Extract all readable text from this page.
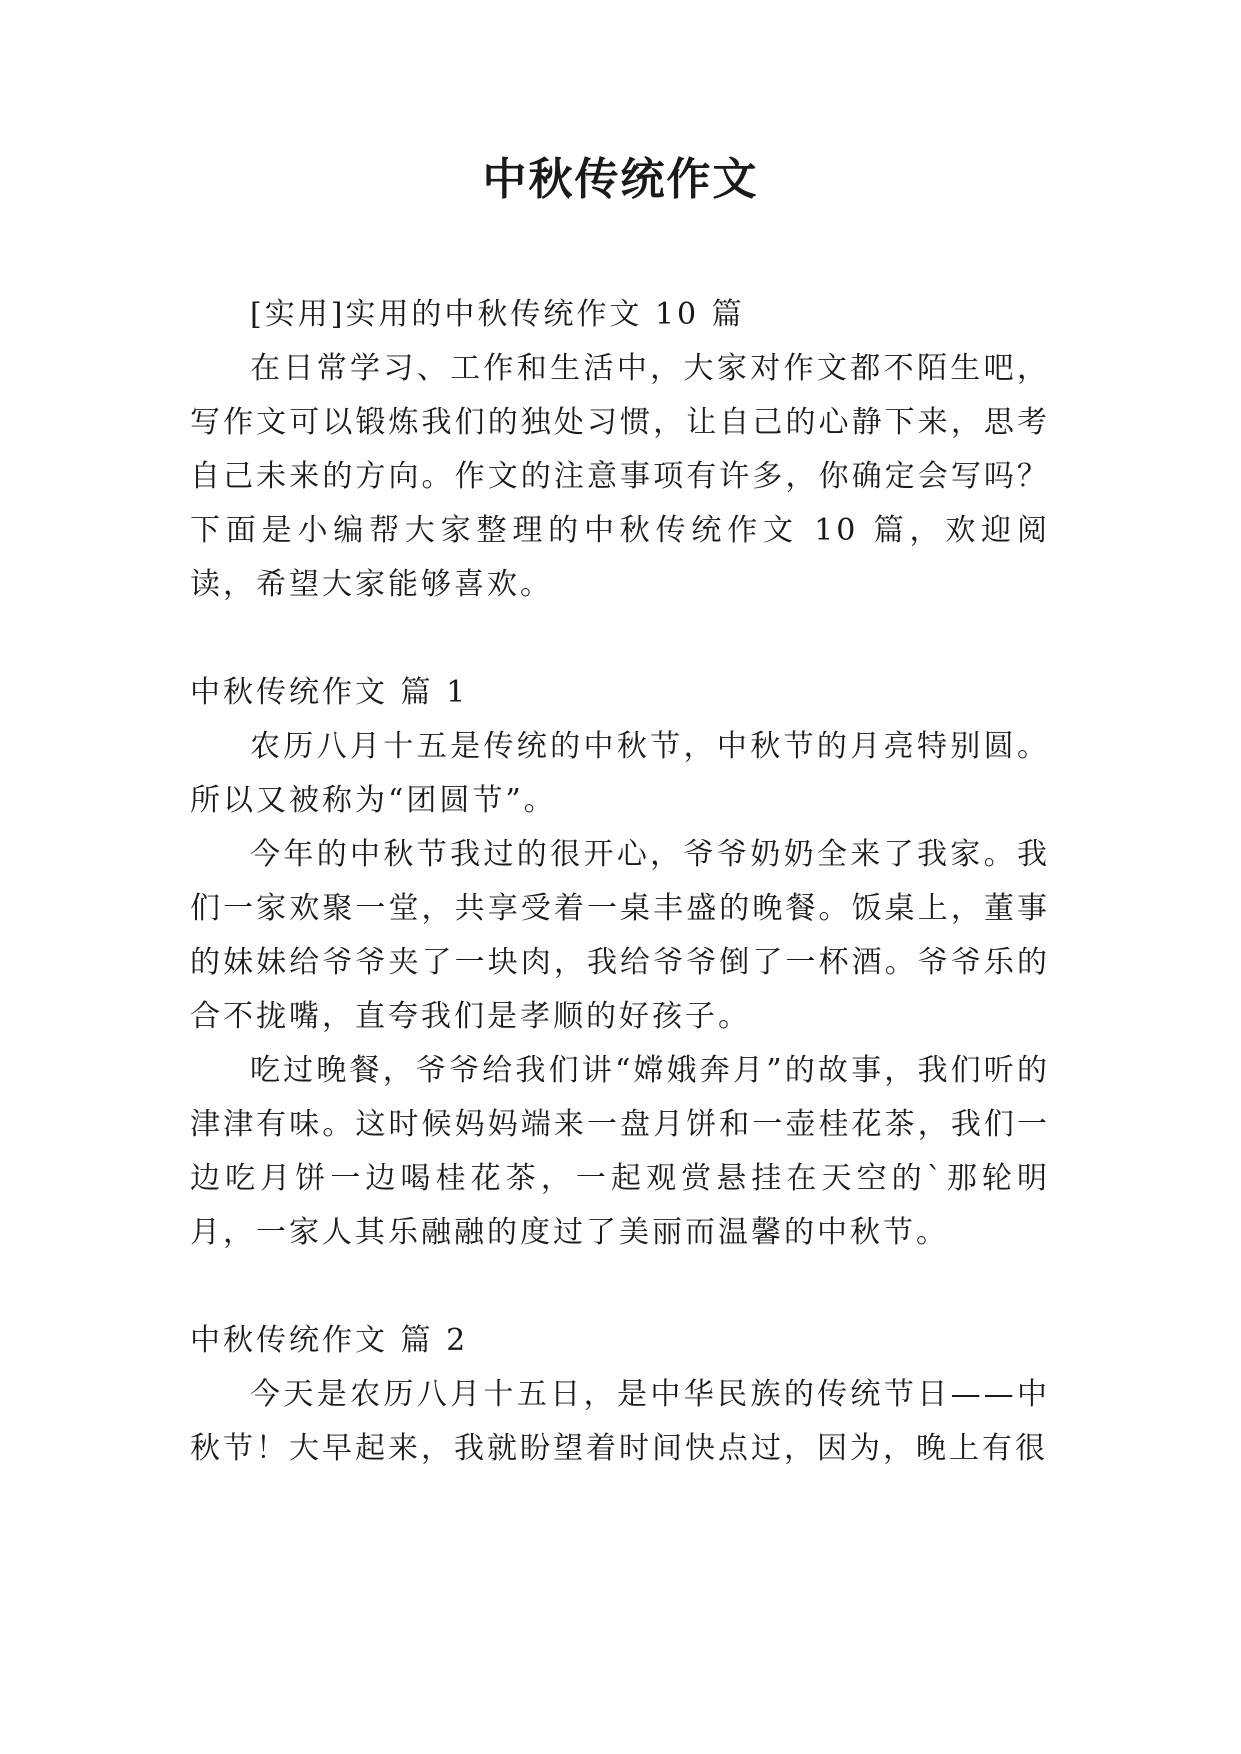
中秋传统作文

[实用]实用的中秋传统作文 10 篇

在日常学习、工作和生活中，大家对作文都不陌生吧，写作文可以锻炼我们的独处习惯，让自己的心静下来，思考自己未来的方向。作文的注意事项有许多，你确定会写吗？下面是小编帮大家整理的中秋传统作文 10 篇，欢迎阅读，希望大家能够喜欢。

中秋传统作文 篇 1

农历八月十五是传统的中秋节，中秋节的月亮特别圆。所以又被称为“团圆节”。

今年的中秋节我过的很开心，爷爷奶奶全来了我家。我们一家欢聚一堂，共享受着一桌丰盛的晚餐。饭桌上，董事的妹妹给爷爷夹了一块肉，我给爷爷倒了一杯酒。爷爷乐的合不拢嘴，直夸我们是孝顺的好孩子。

吃过晚餐，爷爷给我们讲“嫦娥奔月”的故事，我们听的津津有味。这时候妈妈端来一盘月饼和一壶桂花茶，我们一边吃月饼一边喝桂花茶，一起观赏悬挂在天空的`那轮明月，一家人其乐融融的度过了美丽而温馨的中秋节。

中秋传统作文 篇 2

今天是农历八月十五日，是中华民族的传统节日——中秋节！大早起来，我就盼望着时间快点过，因为，晚上有很
